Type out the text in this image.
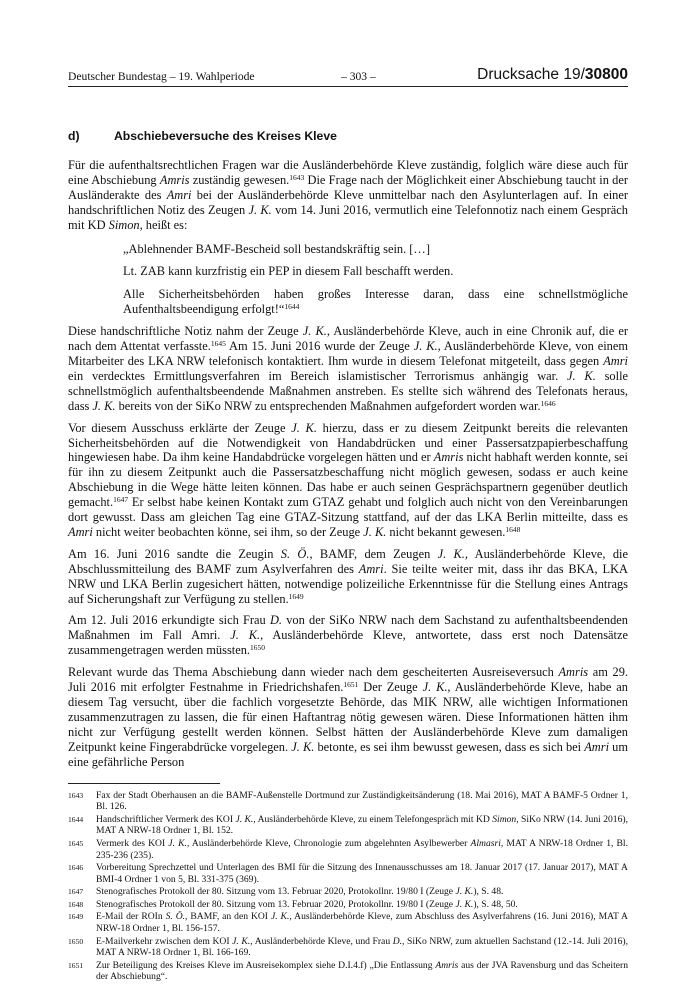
Deutscher Bundestag – 19. Wahlperiode	– 303 –	Drucksache 19/30800
d)	Abschiebeversuche des Kreises Kleve

Für die aufenthaltsrechtlichen Fragen war die Ausländerbehörde Kleve zuständig, folglich wäre diese auch für eine Abschiebung Amris zuständig gewesen.$^{1643}$ Die Frage nach der Möglichkeit einer Abschiebung taucht in der Ausländerakte des Amri bei der Ausländerbehörde Kleve unmittelbar nach den Asylunterlagen auf. In einer handschriftlichen Notiz des Zeugen J. K. vom 14. Juni 2016, vermutlich eine Telefonnotiz nach einem Gespräch mit KD Simon, heißt es:

„Ablehnender BAMF-Bescheid soll bestandskräftig sein. […]

Lt. ZAB kann kurzfristig ein PEP in diesem Fall beschafft werden.

Alle Sicherheitsbehörden haben großes Interesse daran, dass eine schnellstmögliche Aufenthaltsbeendigung erfolgt!“$^{1644}$

Diese handschriftliche Notiz nahm der Zeuge J. K., Ausländerbehörde Kleve, auch in eine Chronik auf, die er nach dem Attentat verfasste.$^{1645}$ Am 15. Juni 2016 wurde der Zeuge J. K., Ausländerbehörde Kleve, von einem Mitarbeiter des LKA NRW telefonisch kontaktiert. Ihm wurde in diesem Telefonat mitgeteilt, dass gegen Amri ein verdecktes Ermittlungsverfahren im Bereich islamistischer Terrorismus anhängig war. J. K. solle schnellstmöglich aufenthaltsbeendende Maßnahmen anstreben. Es stellte sich während des Telefonats heraus, dass J. K. bereits von der SiKo NRW zu entsprechenden Maßnahmen aufgefordert worden war.$^{1646}$

Vor diesem Ausschuss erklärte der Zeuge J. K. hierzu, dass er zu diesem Zeitpunkt bereits die relevanten Sicherheitsbehörden auf die Notwendigkeit von Handabdrücken und einer Passersatzpapierbeschaffung hingewiesen habe. Da ihm keine Handabdrücke vorgelegen hätten und er Amris nicht habhaft werden konnte, sei für ihn zu diesem Zeitpunkt auch die Passersatzbeschaffung nicht möglich gewesen, sodass er auch keine Abschiebung in die Wege hätte leiten können. Das habe er auch seinen Gesprächspartnern gegenüber deutlich gemacht.$^{1647}$ Er selbst habe keinen Kontakt zum GTAZ gehabt und folglich auch nicht von den Vereinbarungen dort gewusst. Dass am gleichen Tag eine GTAZ-Sitzung stattfand, auf der das LKA Berlin mitteilte, dass es Amri nicht weiter beobachten könne, sei ihm, so der Zeuge J. K. nicht bekannt gewesen.$^{1648}$

Am 16. Juni 2016 sandte die Zeugin S. Ö., BAMF, dem Zeugen J. K., Ausländerbehörde Kleve, die Abschlussmitteilung des BAMF zum Asylverfahren des Amri. Sie teilte weiter mit, dass ihr das BKA, LKA NRW und LKA Berlin zugesichert hätten, notwendige polizeiliche Erkenntnisse für die Stellung eines Antrags auf Sicherungshaft zur Verfügung zu stellen.$^{1649}$

Am 12. Juli 2016 erkundigte sich Frau D. von der SiKo NRW nach dem Sachstand zu aufenthaltsbeendenden Maßnahmen im Fall Amri. J. K., Ausländerbehörde Kleve, antwortete, dass erst noch Datensätze zusammengetragen werden müssten.$^{1650}$

Relevant wurde das Thema Abschiebung dann wieder nach dem gescheiterten Ausreiseversuch Amris am 29. Juli 2016 mit erfolgter Festnahme in Friedrichshafen.$^{1651}$ Der Zeuge J. K., Ausländerbehörde Kleve, habe an diesem Tag versucht, über die fachlich vorgesetzte Behörde, das MIK NRW, alle wichtigen Informationen zusammenzutragen zu lassen, die für einen Haftantrag nötig gewesen wären. Diese Informationen hätten ihm nicht zur Verfügung gestellt werden können. Selbst hätten der Ausländerbehörde Kleve zum damaligen Zeitpunkt keine Fingerabdrücke vorgelegen. J. K. betonte, es sei ihm bewusst gewesen, dass es sich bei Amri um eine gefährliche Person

1643	Fax der Stadt Oberhausen an die BAMF-Außenstelle Dortmund zur Zuständigkeitsänderung (18. Mai 2016), MAT A BAMF-5 Ordner 1, Bl. 126.
1644	Handschriftlicher Vermerk des KOI J. K., Ausländerbehörde Kleve, zu einem Telefongespräch mit KD Simon, SiKo NRW (14. Juni 2016), MAT A NRW-18 Ordner 1, Bl. 152.
1645	Vermerk des KOI J. K., Ausländerbehörde Kleve, Chronologie zum abgelehnten Asylbewerber Almasri, MAT A NRW-18 Ordner 1, Bl. 235-236 (235).
1646	Vorbereitung Sprechzettel und Unterlagen des BMI für die Sitzung des Innenausschusses am 18. Januar 2017 (17. Januar 2017), MAT A BMI-4 Ordner 1 von 5, Bl. 331-375 (369).
1647	Stenografisches Protokoll der 80. Sitzung vom 13. Februar 2020, Protokollnr. 19/80 I (Zeuge J. K.), S. 48.
1648	Stenografisches Protokoll der 80. Sitzung vom 13. Februar 2020, Protokollnr. 19/80 I (Zeuge J. K.), S. 48, 50.
1649	E-Mail der ROIn S. Ö., BAMF, an den KOI J. K., Ausländerbehörde Kleve, zum Abschluss des Asylverfahrens (16. Juni 2016), MAT A NRW-18 Ordner 1, Bl. 156-157.
1650	E-Mailverkehr zwischen dem KOI J. K., Ausländerbehörde Kleve, und Frau D., SiKo NRW, zum aktuellen Sachstand (12.-14. Juli 2016), MAT A NRW-18 Ordner 1, Bl. 166-169.
1651	Zur Beteiligung des Kreises Kleve im Ausreisekomplex siehe D.I.4.f) „Die Entlassung Amris aus der JVA Ravensburg und das Scheitern der Abschiebung“.
